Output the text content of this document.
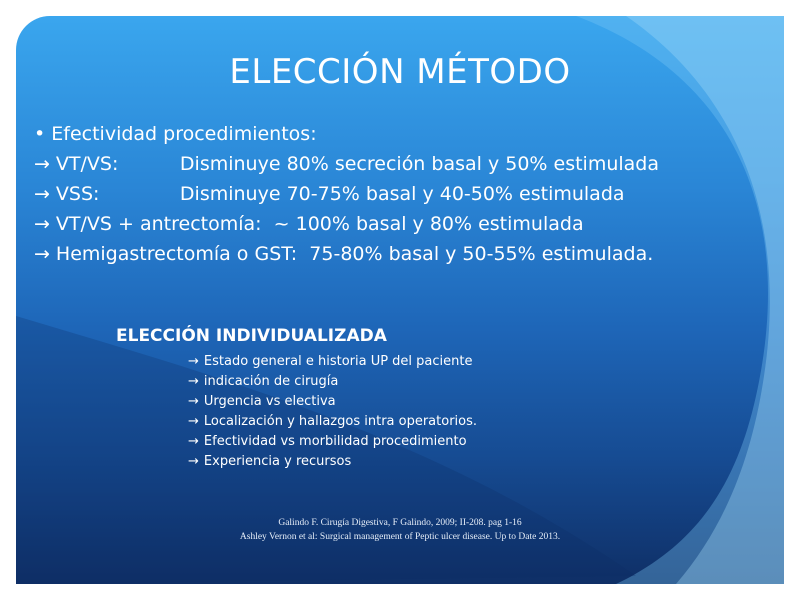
ELECCIÓN MÉTODO
• Efectividad procedimientos:
→ VT/VS:	Disminuye 80% secreción basal y 50% estimulada
→ VSS:	Disminuye 70-75% basal y 40-50% estimulada
→ VT/VS + antrectomía: ~ 100% basal y 80% estimulada
→ Hemigastrectomía o GST: 75-80% basal y 50-55% estimulada.
ELECCIÓN INDIVIDUALIZADA
→ Estado general e historia UP del paciente
→ indicación de cirugía
→ Urgencia vs electiva
→ Localización y hallazgos intra operatorios.
→ Efectividad vs morbilidad procedimiento
→ Experiencia y recursos
Galindo F. Cirugía Digestiva, F Galindo, 2009; II-208. pag 1-16
Ashley Vernon et al: Surgical management of Peptic ulcer disease. Up to Date 2013.
